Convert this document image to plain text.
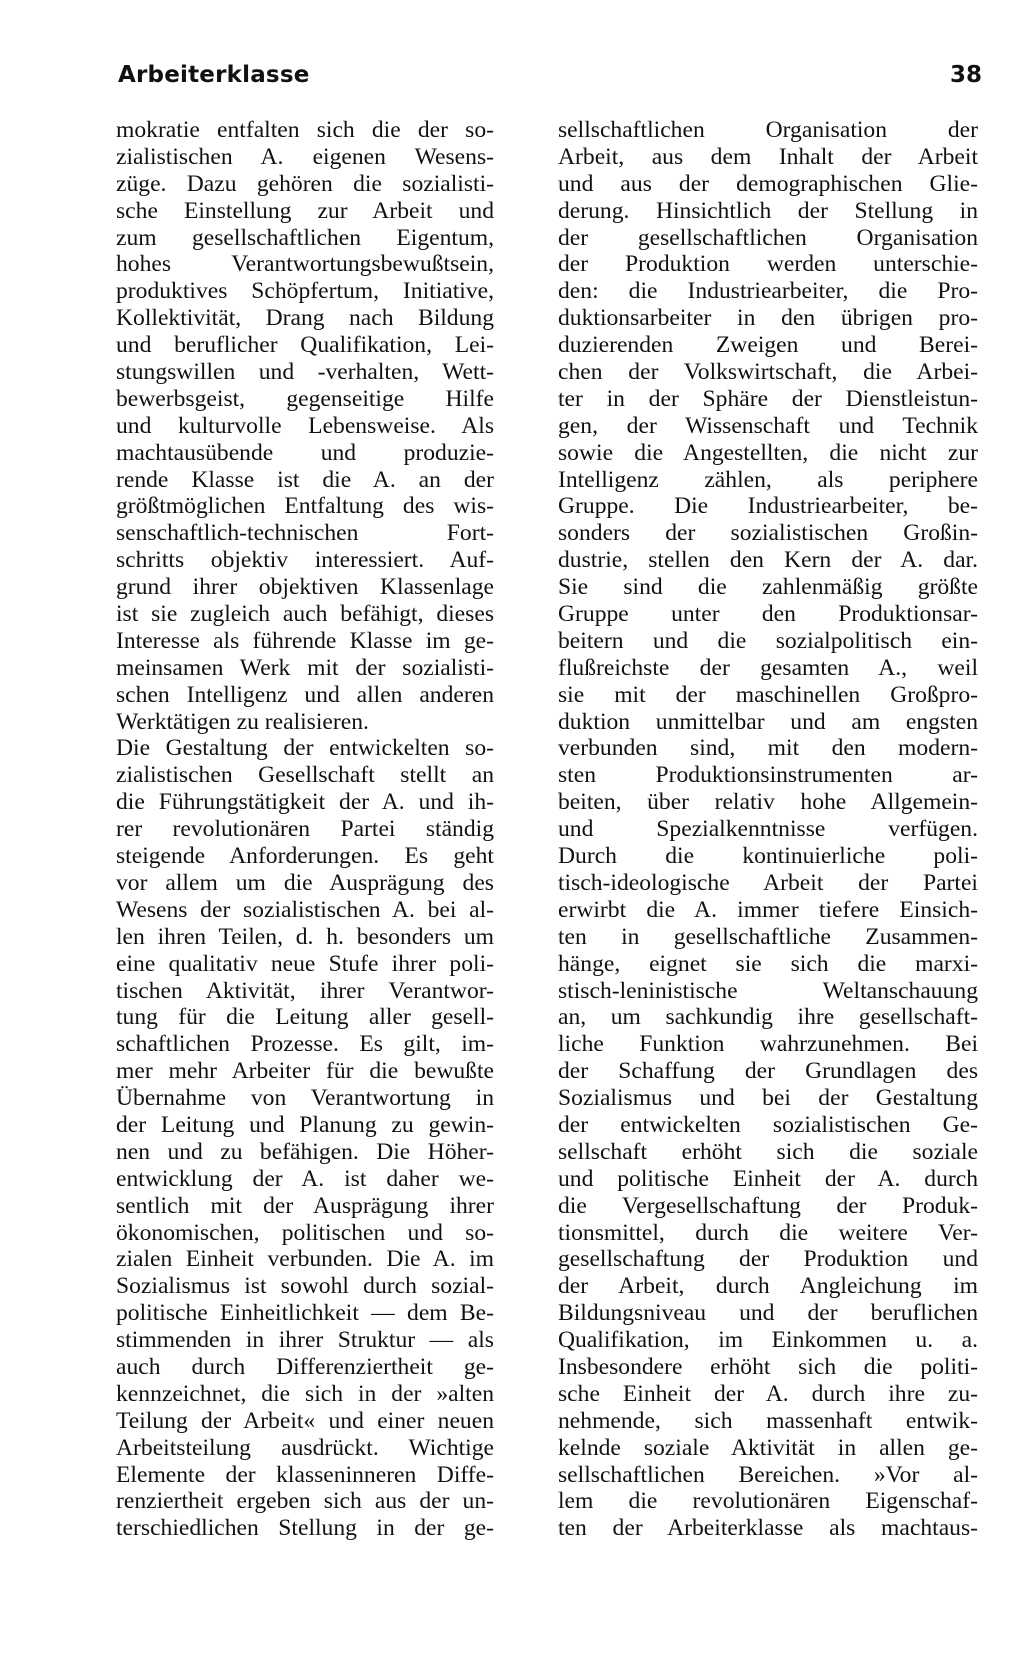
Arbeiterklasse	38
mokratie entfalten sich die der so-
zialistischen A. eigenen Wesens-
züge. Dazu gehören die sozialisti-
sche Einstellung zur Arbeit und
zum gesellschaftlichen Eigentum,
hohes Verantwortungsbewußtsein,
produktives Schöpfertum, Initiative,
Kollektivität, Drang nach Bildung
und beruflicher Qualifikation, Lei-
stungswillen und -verhalten, Wett-
bewerbsgeist, gegenseitige Hilfe
und kulturvolle Lebensweise. Als
machtausübende und produzie-
rende Klasse ist die A. an der
größtmöglichen Entfaltung des wis-
senschaftlich-technischen Fort-
schritts objektiv interessiert. Auf-
grund ihrer objektiven Klassenlage
ist sie zugleich auch befähigt, dieses
Interesse als führende Klasse im ge-
meinsamen Werk mit der sozialisti-
schen Intelligenz und allen anderen
Werktätigen zu realisieren.
Die Gestaltung der entwickelten so-
zialistischen Gesellschaft stellt an
die Führungstätigkeit der A. und ih-
rer revolutionären Partei ständig
steigende Anforderungen. Es geht
vor allem um die Ausprägung des
Wesens der sozialistischen A. bei al-
len ihren Teilen, d. h. besonders um
eine qualitativ neue Stufe ihrer poli-
tischen Aktivität, ihrer Verantwor-
tung für die Leitung aller gesell-
schaftlichen Prozesse. Es gilt, im-
mer mehr Arbeiter für die bewußte
Übernahme von Verantwortung in
der Leitung und Planung zu gewin-
nen und zu befähigen. Die Höher-
entwicklung der A. ist daher we-
sentlich mit der Ausprägung ihrer
ökonomischen, politischen und so-
zialen Einheit verbunden. Die A. im
Sozialismus ist sowohl durch sozial-
politische Einheitlichkeit — dem Be-
stimmenden in ihrer Struktur — als
auch durch Differenziertheit ge-
kennzeichnet, die sich in der »alten
Teilung der Arbeit« und einer neuen
Arbeitsteilung ausdrückt. Wichtige
Elemente der klasseninneren Diffe-
renziertheit ergeben sich aus der un-
terschiedlichen Stellung in der ge-
sellschaftlichen Organisation der
Arbeit, aus dem Inhalt der Arbeit
und aus der demographischen Glie-
derung. Hinsichtlich der Stellung in
der gesellschaftlichen Organisation
der Produktion werden unterschie-
den: die Industriearbeiter, die Pro-
duktionsarbeiter in den übrigen pro-
duzierenden Zweigen und Berei-
chen der Volkswirtschaft, die Arbei-
ter in der Sphäre der Dienstleistun-
gen, der Wissenschaft und Technik
sowie die Angestellten, die nicht zur
Intelligenz zählen, als periphere
Gruppe. Die Industriearbeiter, be-
sonders der sozialistischen Großin-
dustrie, stellen den Kern der A. dar.
Sie sind die zahlenmäßig größte
Gruppe unter den Produktionsar-
beitern und die sozialpolitisch ein-
flußreichste der gesamten A., weil
sie mit der maschinellen Großpro-
duktion unmittelbar und am engsten
verbunden sind, mit den modern-
sten Produktionsinstrumenten ar-
beiten, über relativ hohe Allgemein-
und Spezialkenntnisse verfügen.
Durch die kontinuierliche poli-
tisch-ideologische Arbeit der Partei
erwirbt die A. immer tiefere Einsich-
ten in gesellschaftliche Zusammen-
hänge, eignet sie sich die marxi-
stisch-leninistische Weltanschauung
an, um sachkundig ihre gesellschaft-
liche Funktion wahrzunehmen. Bei
der Schaffung der Grundlagen des
Sozialismus und bei der Gestaltung
der entwickelten sozialistischen Ge-
sellschaft erhöht sich die soziale
und politische Einheit der A. durch
die Vergesellschaftung der Produk-
tionsmittel, durch die weitere Ver-
gesellschaftung der Produktion und
der Arbeit, durch Angleichung im
Bildungsniveau und der beruflichen
Qualifikation, im Einkommen u. a.
Insbesondere erhöht sich die politi-
sche Einheit der A. durch ihre zu-
nehmende, sich massenhaft entwik-
kelnde soziale Aktivität in allen ge-
sellschaftlichen Bereichen. »Vor al-
lem die revolutionären Eigenschaf-
ten der Arbeiterklasse als machtaus-
